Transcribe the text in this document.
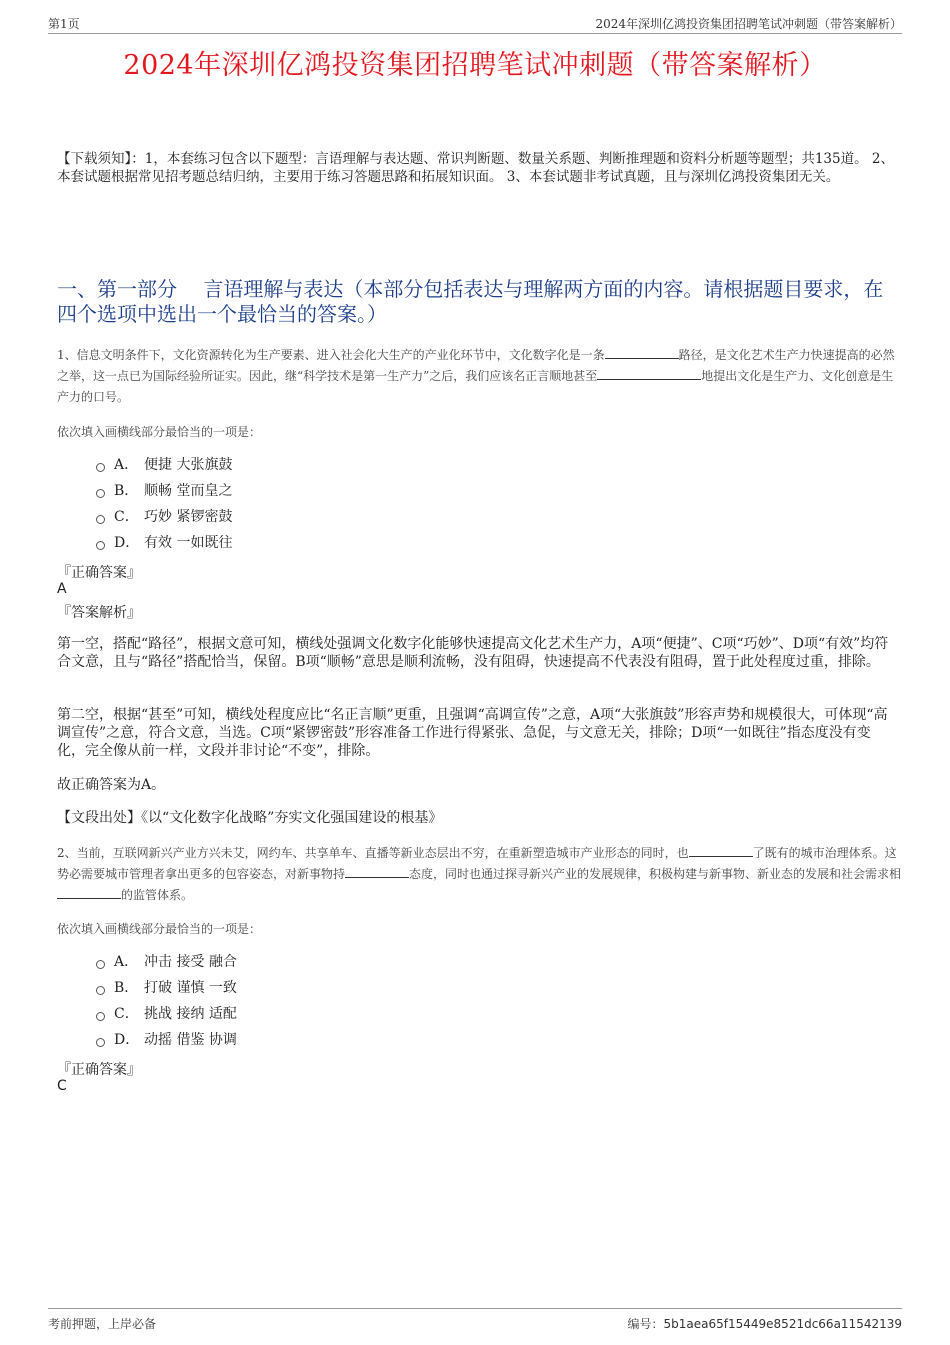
第1页	2024年深圳亿鸿投资集团招聘笔试冲刺题（带答案解析）
2024年深圳亿鸿投资集团招聘笔试冲刺题（带答案解析）
【下载须知】：1，本套练习包含以下题型：言语理解与表达题、常识判断题、数量关系题、判断推理题和资料分析题等题型；共135道。 2、本套试题根据常见招考题总结归纳，主要用于练习答题思路和拓展知识面。 3、本套试题非考试真题，且与深圳亿鸿投资集团无关。
一、第一部分　 言语理解与表达（本部分包括表达与理解两方面的内容。请根据题目要求，在四个选项中选出一个最恰当的答案。）
1、信息文明条件下，文化资源转化为生产要素、进入社会化大生产的产业化环节中，文化数字化是一条	路径，是文化艺术生产力快速提高的必然之举，这一点已为国际经验所证实。因此，继“科学技术是第一生产力”之后，我们应该名正言顺地甚至	地提出文化是生产力、文化创意是生产力的口号。
依次填入画横线部分最恰当的一项是：
A． 便捷 大张旗鼓
B． 顺畅 堂而皇之
C． 巧妙 紧锣密鼓
D． 有效 一如既往
『正确答案』
A
『答案解析』
第一空，搭配“路径”，根据文意可知，横线处强调文化数字化能够快速提高文化艺术生产力，A项“便捷”、C项“巧妙”、D项“有效”均符合文意，且与“路径”搭配恰当，保留。B项“顺畅”意思是顺利流畅，没有阻碍，快速提高不代表没有阻碍，置于此处程度过重，排除。
第二空，根据“甚至”可知，横线处程度应比“名正言顺”更重，且强调“高调宣传”之意，A项“大张旗鼓”形容声势和规模很大，可体现“高调宣传”之意，符合文意，当选。C项“紧锣密鼓”形容准备工作进行得紧张、急促，与文意无关，排除；D项“一如既往”指态度没有变化，完全像从前一样，文段并非讨论“不变”，排除。
故正确答案为A。
【文段出处】《以“文化数字化战略”夯实文化强国建设的根基》
2、当前，互联网新兴产业方兴未艾，网约车、共享单车、直播等新业态层出不穷，在重新塑造城市产业形态的同时，也	了既有的城市治理体系。这势必需要城市管理者拿出更多的包容姿态，对新事物持	态度，同时也通过探寻新兴产业的发展规律，积极构建与新事物、新业态的发展和社会需求相的监管体系。
依次填入画横线部分最恰当的一项是：
A． 冲击 接受 融合
B． 打破 谨慎 一致
C． 挑战 接纳 适配
D． 动摇 借鉴 协调
『正确答案』
C
考前押题，上岸必备	编号：5b1aea65f15449e8521dc66a11542139
